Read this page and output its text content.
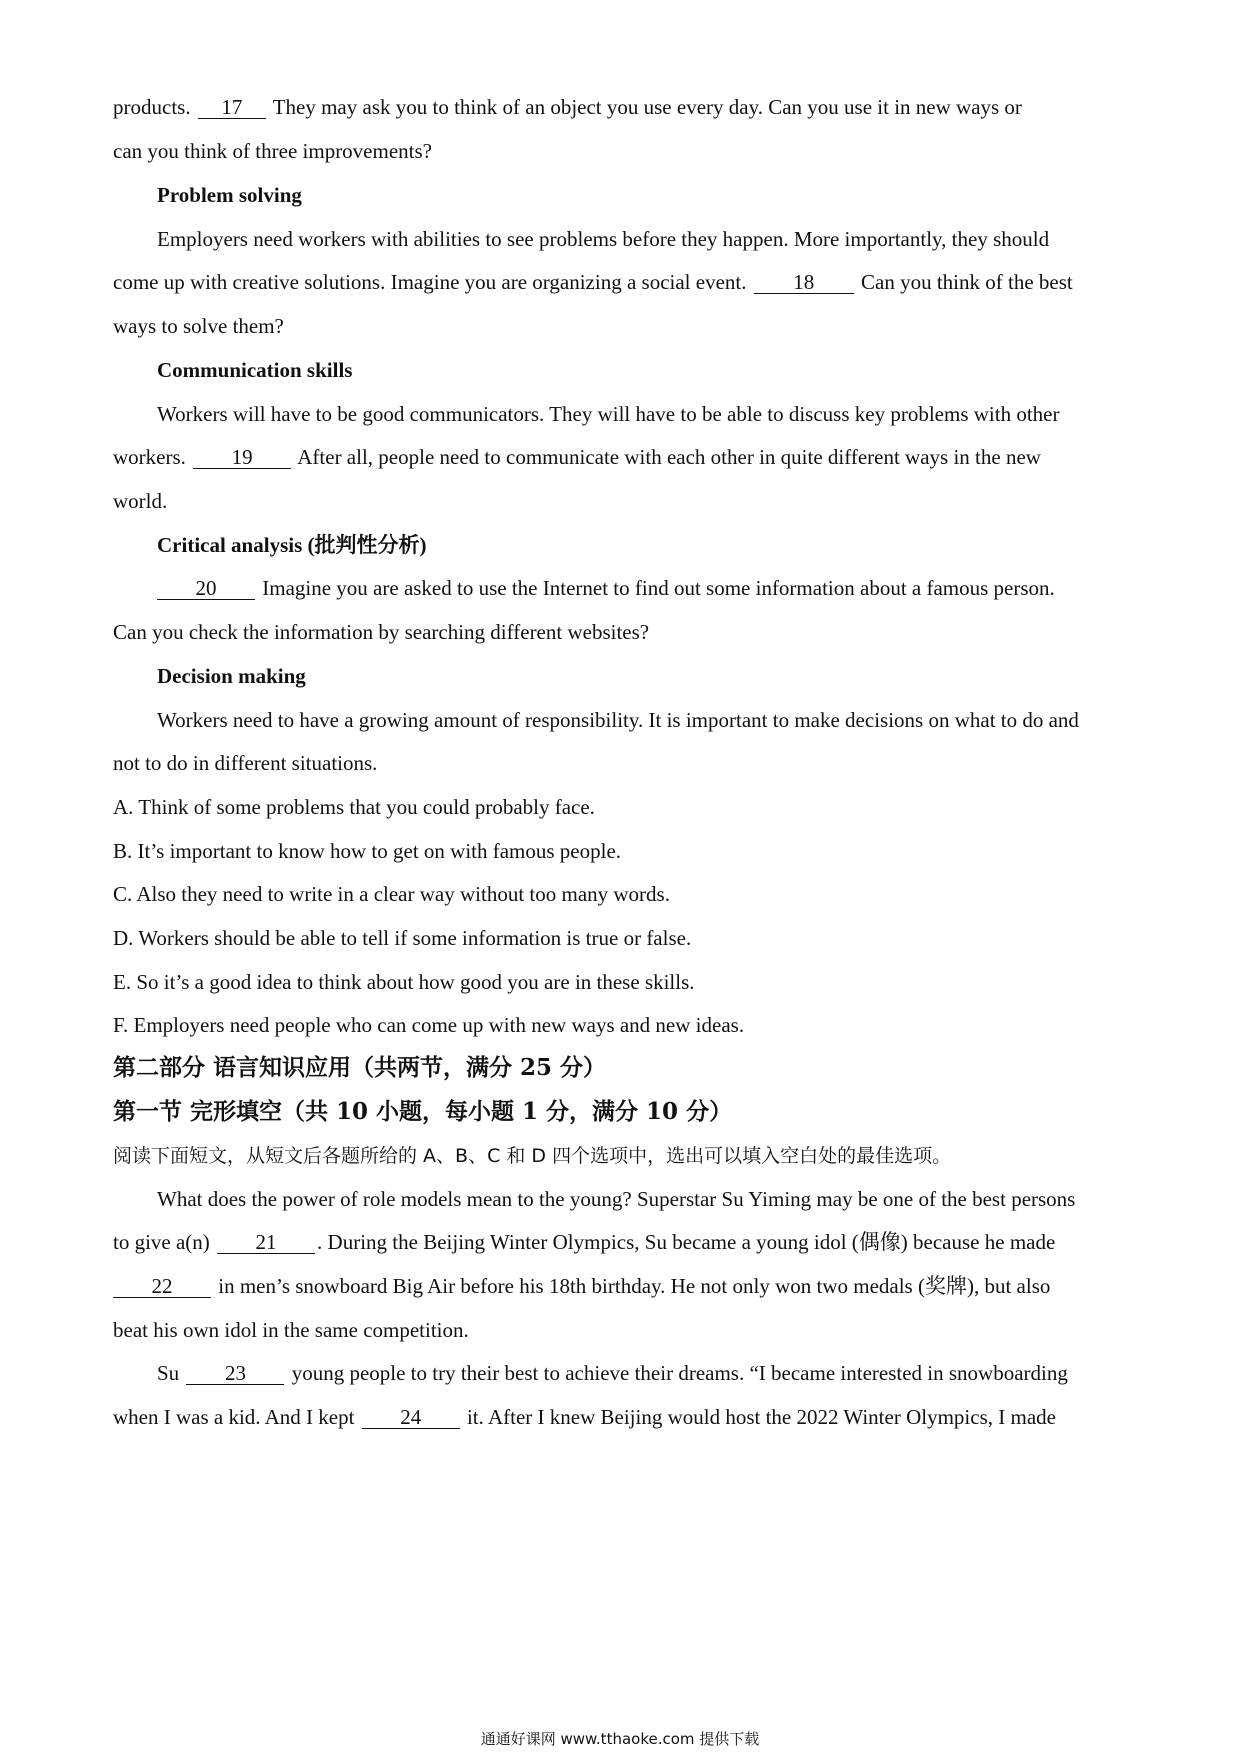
products. 17 They may ask you to think of an object you use every day. Can you use it in new ways or
can you think of three improvements?
Problem solving
Employers need workers with abilities to see problems before they happen. More importantly, they should
come up with creative solutions. Imagine you are organizing a social event. 18 Can you think of the best
ways to solve them?
Communication skills
Workers will have to be good communicators. They will have to be able to discuss key problems with other
workers. 19 After all, people need to communicate with each other in quite different ways in the new
world.
Critical analysis (批判性分析)
20 Imagine you are asked to use the Internet to find out some information about a famous person.
Can you check the information by searching different websites?
Decision making
Workers need to have a growing amount of responsibility. It is important to make decisions on what to do and
not to do in different situations.
A. Think of some problems that you could probably face.
B. It’s important to know how to get on with famous people.
C. Also they need to write in a clear way without too many words.
D. Workers should be able to tell if some information is true or false.
E. So it’s a good idea to think about how good you are in these skills.
F. Employers need people who can come up with new ways and new ideas.
第二部分 语言知识应用（共两节，满分 25 分）
第一节 完形填空（共 10 小题，每小题 1 分，满分 10 分）
阅读下面短文，从短文后各题所给的 A、B、C 和 D 四个选项中，选出可以填入空白处的最佳选项。
What does the power of role models mean to the young? Superstar Su Yiming may be one of the best persons
to give a(n) 21 . During the Beijing Winter Olympics, Su became a young idol (偶像) because he made
22 in men’s snowboard Big Air before his 18th birthday. He not only won two medals (奖牌), but also
beat his own idol in the same competition.
Su 23 young people to try their best to achieve their dreams. “I became interested in snowboarding
when I was a kid. And I kept 24 it. After I knew Beijing would host the 2022 Winter Olympics, I made
通通好课网 www.tthaoke.com 提供下载
